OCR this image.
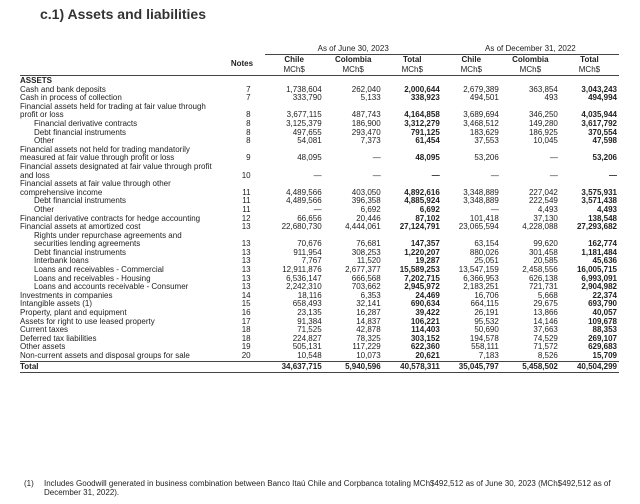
c.1) Assets and liabilities
		As of June 30, 2023			As of December 31, 2022		
	Notes	Chile	Colombia	Total	Chile	Colombia	Total
		MCh$	MCh$	MCh$	MCh$	MCh$	MCh$
ASSETS							
Cash and bank deposits	7	1,738,604	262,040	2,000,644	2,679,389	363,854	3,043,243
Cash in process of collection	7	333,790	5,133	338,923	494,501	493	494,994
Financial assets held for trading at fair value through profit or loss	8	3,677,115	487,743	4,164,858	3,689,694	346,250	4,035,944
Financial derivative contracts	8	3,125,379	186,900	3,312,279	3,468,512	149,280	3,617,792
Debt financial instruments	8	497,655	293,470	791,125	183,629	186,925	370,554
Other	8	54,081	7,373	61,454	37,553	10,045	47,598
Financial assets not held for trading mandatorily measured at fair value through profit or loss	9	48,095	—	48,095	53,206	—	53,206
Financial assets designated at fair value through profit and loss	10	—	—	—	—	—	—
Financial assets at fair value through other comprehensive income	11	4,489,566	403,050	4,892,616	3,348,889	227,042	3,575,931
Debt financial instruments	11	4,489,566	396,358	4,885,924	3,348,889	222,549	3,571,438
Other	11	—	6,692	6,692	—	4,493	4,493
Financial derivative contracts for hedge accounting	12	66,656	20,446	87,102	101,418	37,130	138,548
Financial assets at amortized cost	13	22,680,730	4,444,061	27,124,791	23,065,594	4,228,088	27,293,682
Rights under repurchase agreements and securities lending agreements	13	70,676	76,681	147,357	63,154	99,620	162,774
Debt financial instruments	13	911,954	308,253	1,220,207	880,026	301,458	1,181,484
Interbank loans	13	7,767	11,520	19,287	25,051	20,585	45,636
Loans and receivables - Commercial	13	12,911,876	2,677,377	15,589,253	13,547,159	2,458,556	16,005,715
Loans and receivables - Housing	13	6,536,147	666,568	7,202,715	6,366,953	626,138	6,993,091
Loans and accounts receivable - Consumer	13	2,242,310	703,662	2,945,972	2,183,251	721,731	2,904,982
Investments in companies	14	18,116	6,353	24,469	16,706	5,668	22,374
Intangible assets (1)	15	658,493	32,141	690,634	664,115	29,675	693,790
Property, plant and equipment	16	23,135	16,287	39,422	26,191	13,866	40,057
Assets for right to use leased property	17	91,384	14,837	106,221	95,532	14,146	109,678
Current taxes	18	71,525	42,878	114,403	50,690	37,663	88,353
Deferred tax liabilities	18	224,827	78,325	303,152	194,578	74,529	269,107
Other assets	19	505,131	117,229	622,360	558,111	71,572	629,683
Non-current assets and disposal groups for sale	20	10,548	10,073	20,621	7,183	8,526	15,709
Total		34,637,715	5,940,596	40,578,311	35,045,797	5,458,502	40,504,299
(1) Includes Goodwill generated in business combination between Banco Itaú Chile and Corpbanca totaling MCh$492,512 as of June 30, 2023 (MCh$492,512 as of December 31, 2022).
